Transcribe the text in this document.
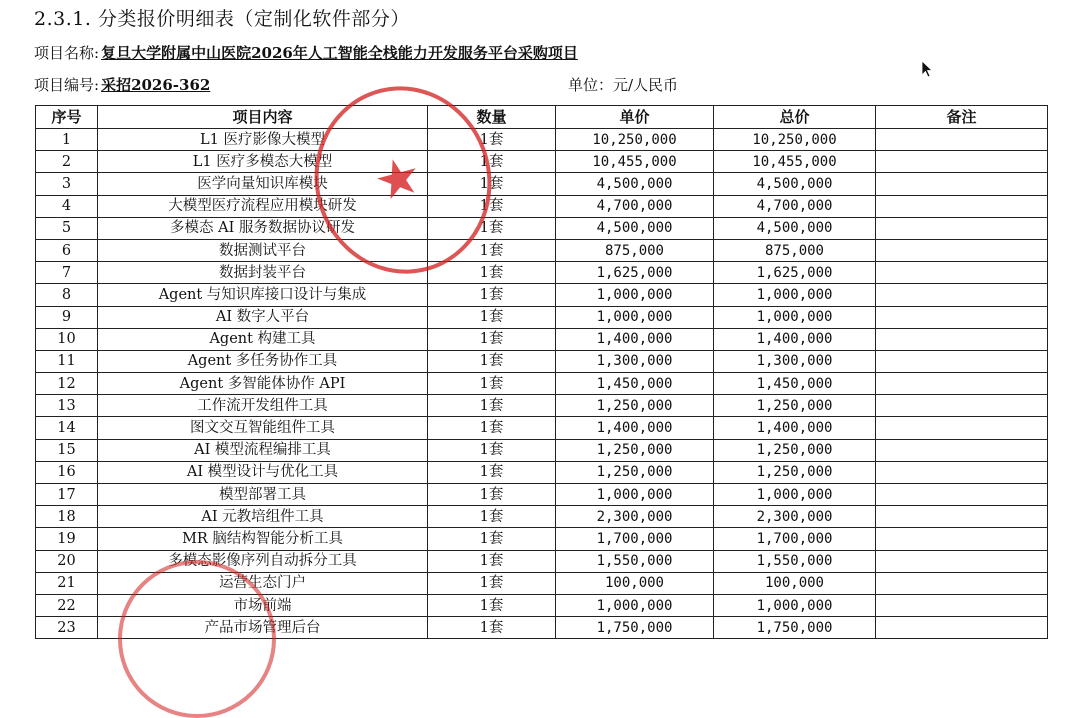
2.3.1. 分类报价明细表（定制化软件部分）
项目名称: 复旦大学附属中山医院2026年人工智能全栈能力开发服务平台采购项目
项目编号: 采招2026-362	单位：元/人民币
序号	项目内容	数量	单价	总价	备注
1	L1 医疗影像大模型	1套	10,250,000	10,250,000	
2	L1 医疗多模态大模型	1套	10,455,000	10,455,000	
3	医学向量知识库模块	1套	4,500,000	4,500,000	
4	大模型医疗流程应用模块研发	1套	4,700,000	4,700,000	
5	多模态 AI 服务数据协议研发	1套	4,500,000	4,500,000	
6	数据测试平台	1套	875,000	875,000	
7	数据封装平台	1套	1,625,000	1,625,000	
8	Agent 与知识库接口设计与集成	1套	1,000,000	1,000,000	
9	AI 数字人平台	1套	1,000,000	1,000,000	
10	Agent 构建工具	1套	1,400,000	1,400,000	
11	Agent 多任务协作工具	1套	1,300,000	1,300,000	
12	Agent 多智能体协作 API	1套	1,450,000	1,450,000	
13	工作流开发组件工具	1套	1,250,000	1,250,000	
14	图文交互智能组件工具	1套	1,400,000	1,400,000	
15	AI 模型流程编排工具	1套	1,250,000	1,250,000	
16	AI 模型设计与优化工具	1套	1,250,000	1,250,000	
17	模型部署工具	1套	1,000,000	1,000,000	
18	AI 元教培组件工具	1套	2,300,000	2,300,000	
19	MR 脑结构智能分析工具	1套	1,700,000	1,700,000	
20	多模态影像序列自动拆分工具	1套	1,550,000	1,550,000	
21	运营生态门户	1套	100,000	100,000	
22	市场前端	1套	1,000,000	1,000,000	
23	产品市场管理后台	1套	1,750,000	1,750,000	
★
